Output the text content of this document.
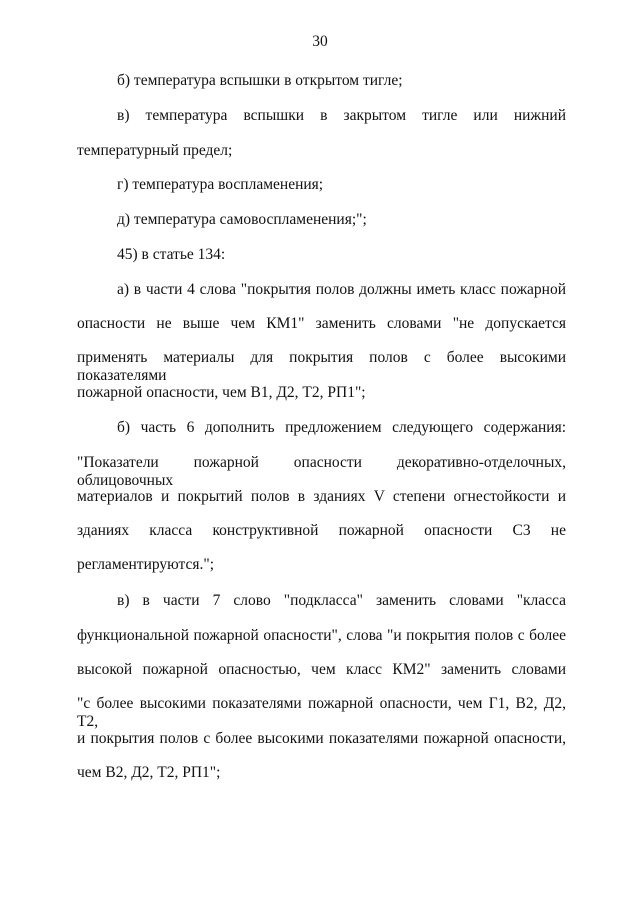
30
б) температура вспышки в открытом тигле;
в) температура вспышки в закрытом тигле или нижний
температурный предел;
г) температура воспламенения;
д) температура самовоспламенения;";
45) в статье 134:
а) в части 4 слова "покрытия полов должны иметь класс пожарной
опасности не выше чем КМ1" заменить словами "не допускается
применять материалы для покрытия полов с более высокими показателями
пожарной опасности, чем В1, Д2, Т2, РП1";
б) часть 6 дополнить предложением следующего содержания:
"Показатели пожарной опасности декоративно-отделочных, облицовочных
материалов и покрытий полов в зданиях V степени огнестойкости и
зданиях класса конструктивной пожарной опасности С3 не
регламентируются.";
в) в части 7 слово "подкласса" заменить словами "класса
функциональной пожарной опасности", слова "и покрытия полов с более
высокой пожарной опасностью, чем класс КМ2" заменить словами
"с более высокими показателями пожарной опасности, чем Г1, В2, Д2, Т2,
и покрытия полов с более высокими показателями пожарной опасности,
чем В2, Д2, Т2, РП1";
